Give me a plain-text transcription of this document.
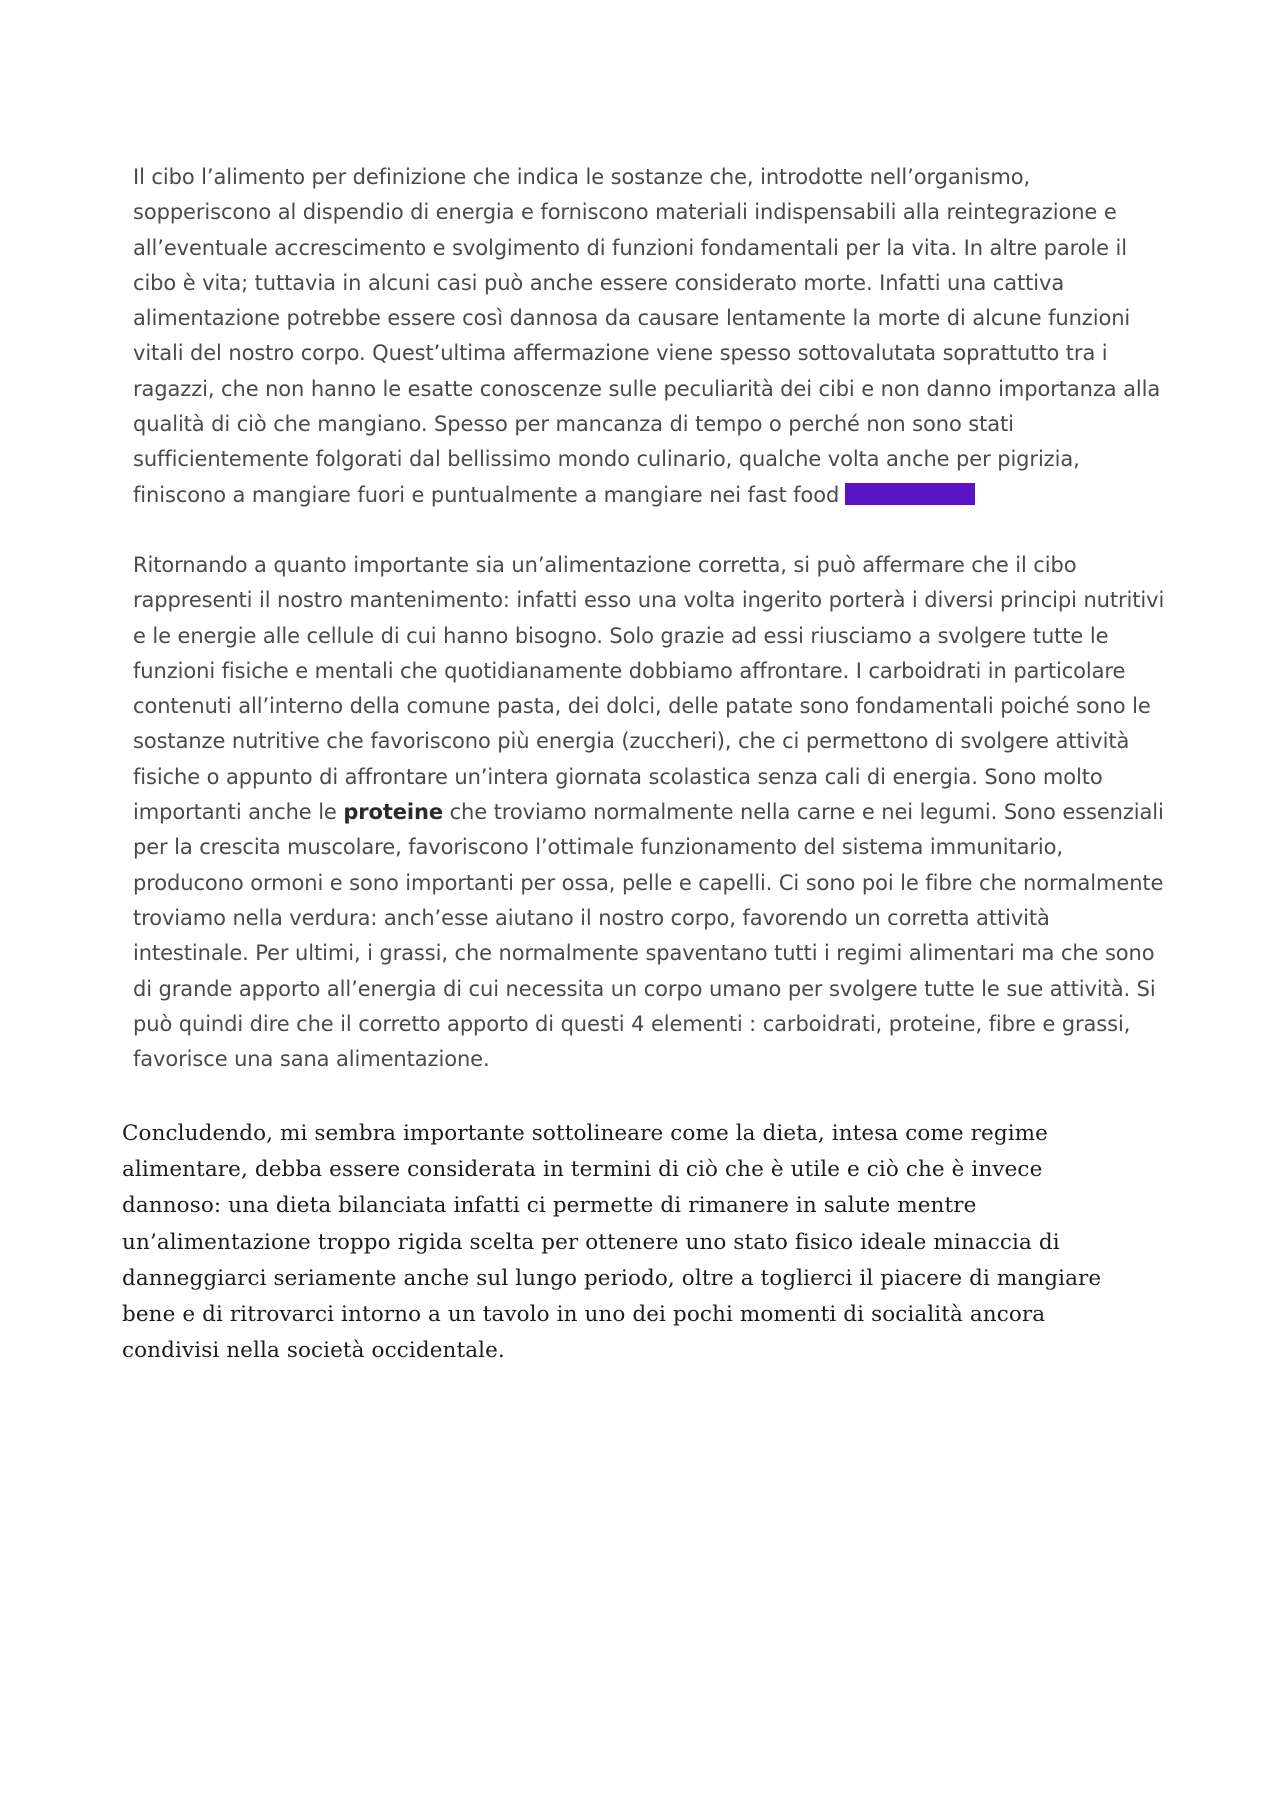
Il cibo l’alimento per definizione che indica le sostanze che, introdotte nell’organismo, sopperiscono al dispendio di energia e forniscono materiali indispensabili alla reintegrazione e all’eventuale accrescimento e svolgimento di funzioni fondamentali per la vita. In altre parole il cibo è vita; tuttavia in alcuni casi può anche essere considerato morte. Infatti una cattiva alimentazione potrebbe essere così dannosa da causare lentamente la morte di alcune funzioni vitali del nostro corpo. Quest’ultima affermazione viene spesso sottovalutata soprattutto tra i ragazzi, che non hanno le esatte conoscenze sulle peculiarità dei cibi e non danno importanza alla qualità di ciò che mangiano. Spesso per mancanza di tempo o perché non sono stati sufficientemente folgorati dal bellissimo mondo culinario, qualche volta anche per pigrizia, finiscono a mangiare fuori e puntualmente a mangiare nei fast food

Ritornando a quanto importante sia un’alimentazione corretta, si può affermare che il cibo rappresenti il nostro mantenimento: infatti esso una volta ingerito porterà i diversi principi nutritivi e le energie alle cellule di cui hanno bisogno. Solo grazie ad essi riusciamo a svolgere tutte le funzioni fisiche e mentali che quotidianamente dobbiamo affrontare. I carboidrati in particolare contenuti all’interno della comune pasta, dei dolci, delle patate sono fondamentali poiché sono le sostanze nutritive che favoriscono più energia (zuccheri), che ci permettono di svolgere attività fisiche o appunto di affrontare un’intera giornata scolastica senza cali di energia. Sono molto importanti anche le proteine che troviamo normalmente nella carne e nei legumi. Sono essenziali per la crescita muscolare, favoriscono l’ottimale funzionamento del sistema immunitario, producono ormoni e sono importanti per ossa, pelle e capelli. Ci sono poi le fibre che normalmente troviamo nella verdura: anch’esse aiutano il nostro corpo, favorendo un corretta attività intestinale. Per ultimi, i grassi, che normalmente spaventano tutti i regimi alimentari ma che sono di grande apporto all’energia di cui necessita un corpo umano per svolgere tutte le sue attività. Si può quindi dire che il corretto apporto di questi 4 elementi : carboidrati, proteine, fibre e grassi, favorisce una sana alimentazione.

Concludendo, mi sembra importante sottolineare come la dieta, intesa come regime alimentare, debba essere considerata in termini di ciò che è utile e ciò che è invece dannoso: una dieta bilanciata infatti ci permette di rimanere in salute mentre un’alimentazione troppo rigida scelta per ottenere uno stato fisico ideale minaccia di danneggiarci seriamente anche sul lungo periodo, oltre a toglierci il piacere di mangiare bene e di ritrovarci intorno a un tavolo in uno dei pochi momenti di socialità ancora condivisi nella società occidentale.
